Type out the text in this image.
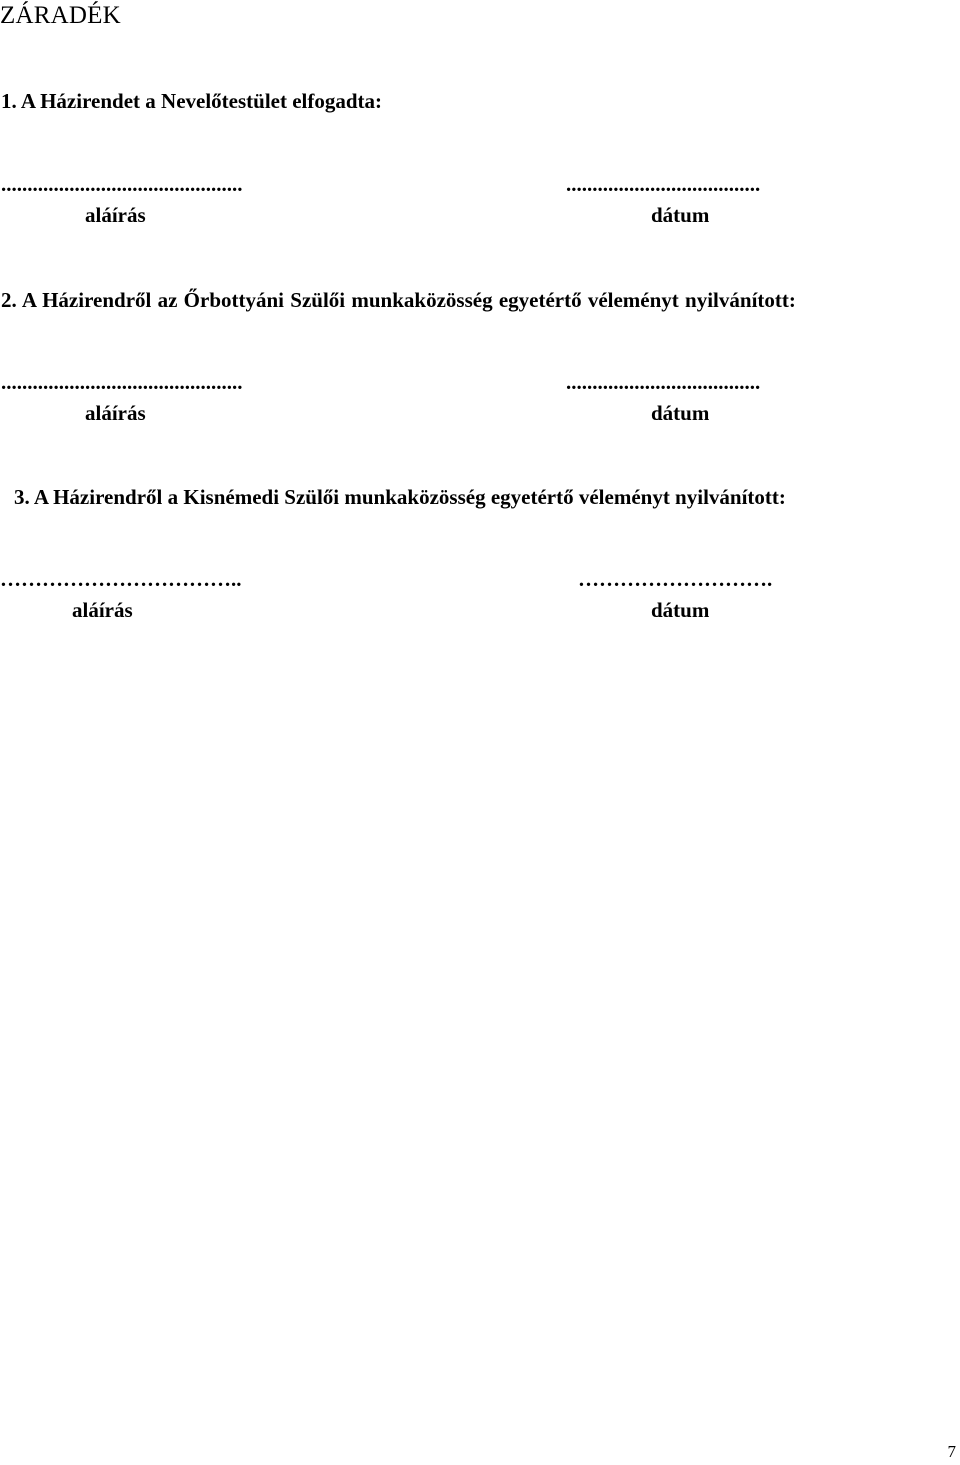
ZÁRADÉK
1. A Házirendet a Nevelőtestület elfogadta:
..............................................	.....................................
aláírás	dátum
2. A Házirendről az Őrbottyáni Szülői munkaközösség egyetértő véleményt nyilvánított:
..............................................	.....................................
aláírás	dátum
3. A Házirendről a Kisnémedi Szülői munkaközösség egyetértő véleményt nyilvánított:
……………………………..	……………………….
aláírás	dátum
7
